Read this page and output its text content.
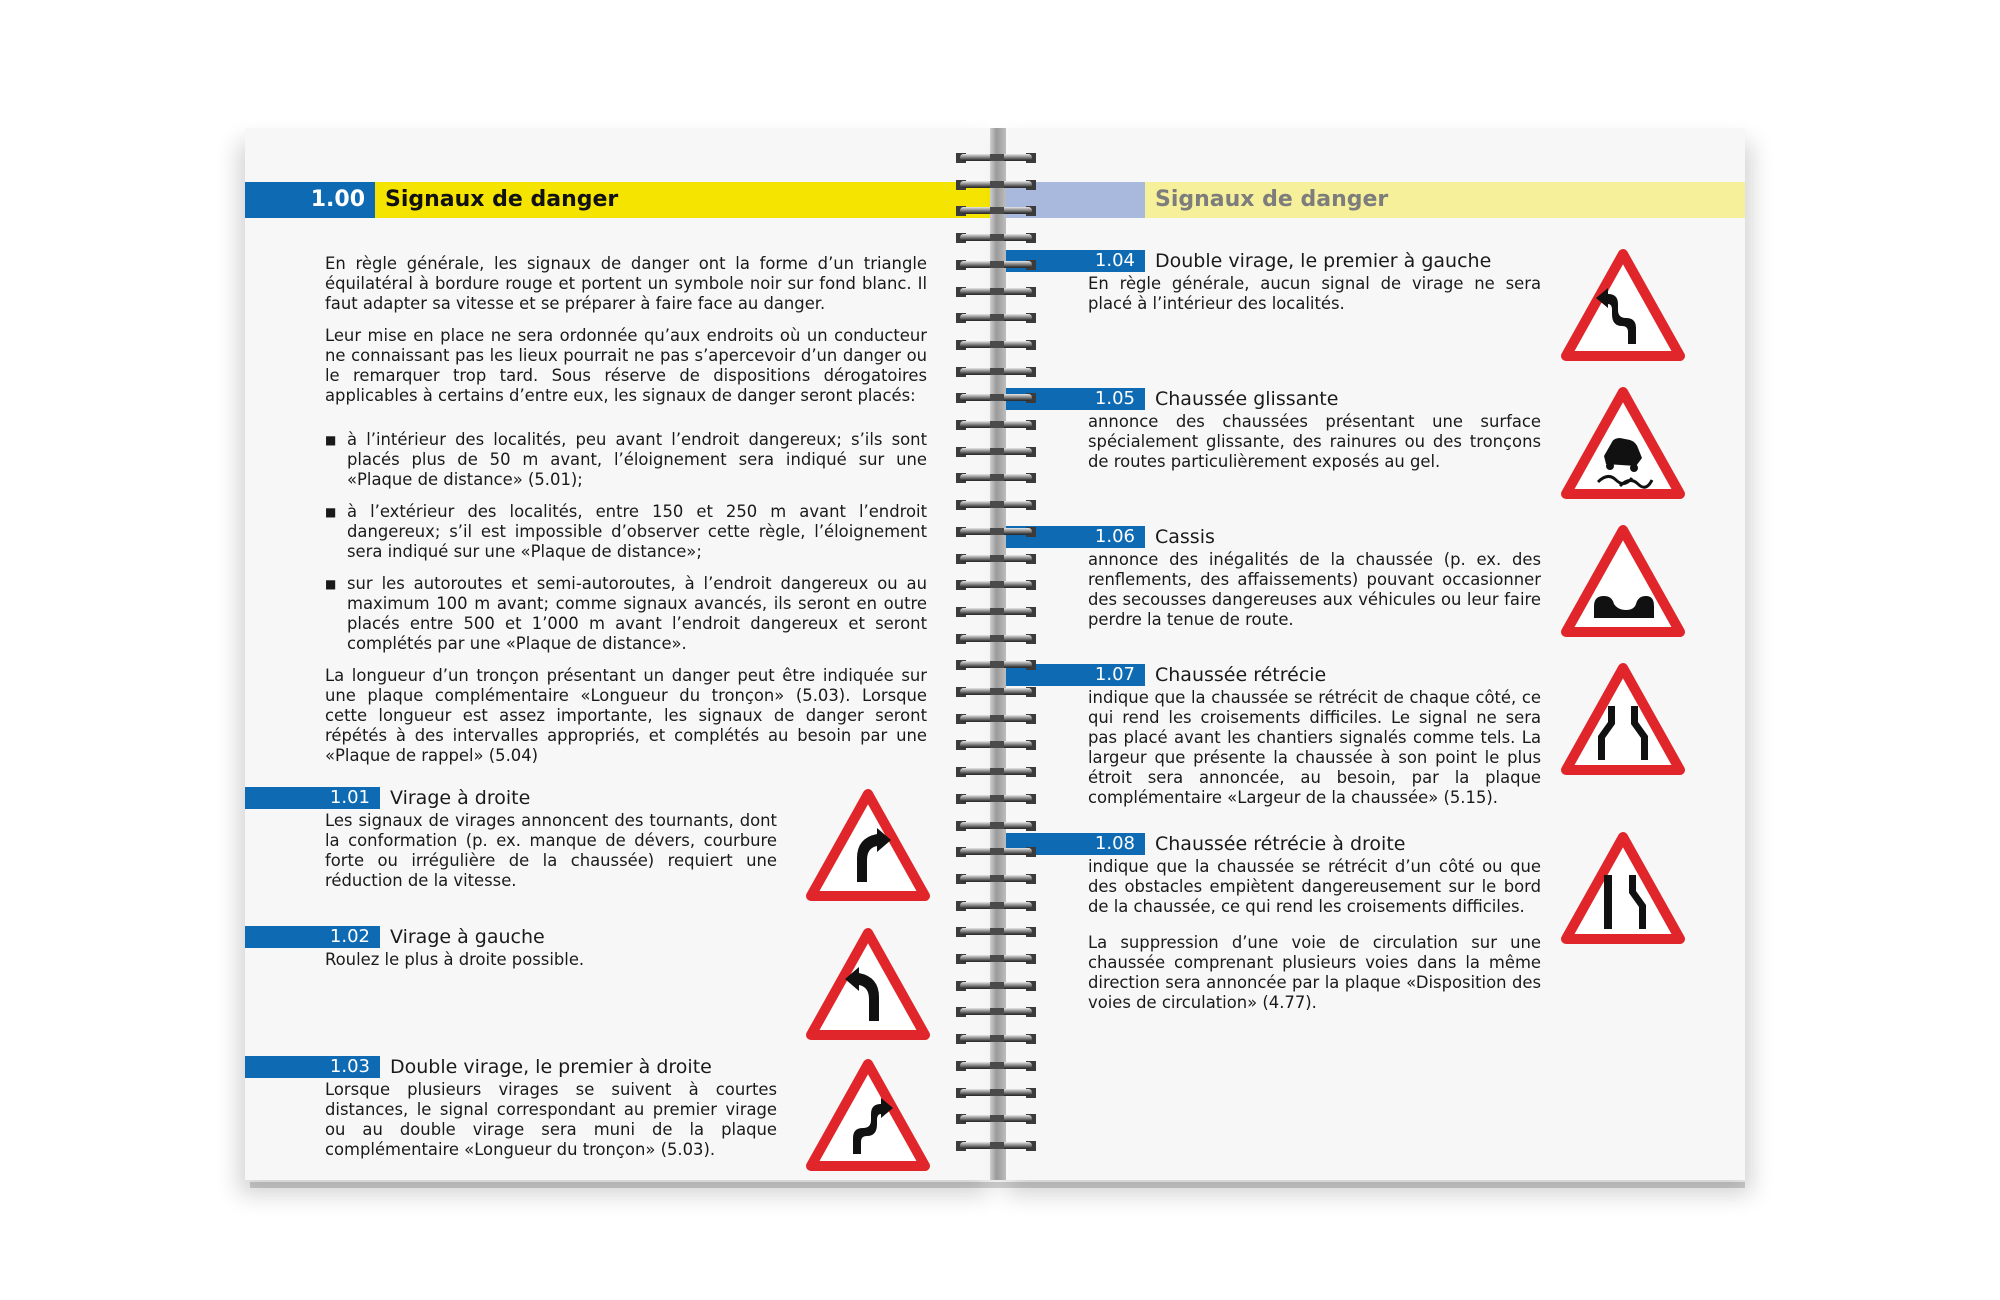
1.00 Signaux de danger

En règle générale, les signaux de danger ont la forme d’un triangle équilatéral à bordure rouge et portent un symbole noir sur fond blanc. Il faut adapter sa vitesse et se préparer à faire face au danger.

Leur mise en place ne sera ordonnée qu’aux endroits où un conducteur ne connaissant pas les lieux pourrait ne pas s’apercevoir d’un danger ou le remarquer trop tard. Sous réserve de dispositions dérogatoires applicables à certains d’entre eux, les signaux de danger seront placés:

■ à l’intérieur des localités, peu avant l’endroit dangereux; s’ils sont placés plus de 50 m avant, l’éloignement sera indiqué sur une «Plaque de distance» (5.01);

■ à l’extérieur des localités, entre 150 et 250 m avant l’endroit dangereux; s’il est impossible d’observer cette règle, l’éloignement sera indiqué sur une «Plaque de distance»;

■ sur les autoroutes et semi-autoroutes, à l’endroit dangereux ou au maximum 100 m avant; comme signaux avancés, ils seront en outre placés entre 500 et 1’000 m avant l’endroit dangereux et seront complétés par une «Plaque de distance».

La longueur d’un tronçon présentant un danger peut être indiquée sur une plaque complémentaire «Longueur du tronçon» (5.03). Lorsque cette longueur est assez importante, les signaux de danger seront répétés à des intervalles appropriés, et complétés au besoin par une «Plaque de rappel» (5.04)

1.01	Virage à droite

Les signaux de virages annoncent des tournants, dont la conformation (p. ex. manque de dévers, courbure forte ou irrégulière de la chaussée) requiert une réduction de la vitesse.

1.02	Virage à gauche

Roulez le plus à droite possible.

1.03	Double virage, le premier à droite

Lorsque plusieurs virages se suivent à courtes distances, le signal correspondant au premier virage ou au double virage sera muni de la plaque complémentaire «Longueur du tronçon» (5.03).

Signaux de danger
1.04	Double virage, le premier à gauche

En règle générale, aucun signal de virage ne sera placé à l’intérieur des localités.

1.05	Chaussée glissante

annonce des chaussées présentant une surface spécialement glissante, des rainures ou des tronçons de routes particulièrement exposés au gel.

1.06	Cassis

annonce des inégalités de la chaussée (p. ex. des renflements, des affaissements) pouvant occasionner des secousses dangereuses aux véhicules ou leur faire perdre la tenue de route.

1.07	Chaussée rétrécie

indique que la chaussée se rétrécit de chaque côté, ce qui rend les croisements difficiles. Le signal ne sera pas placé avant les chantiers signalés comme tels. La largeur que présente la chaussée à son point le plus étroit sera annoncée, au besoin, par la plaque complémentaire «Largeur de la chaussée» (5.15).

1.08	Chaussée rétrécie à droite

indique que la chaussée se rétrécit d’un côté ou que des obstacles empiètent dangereusement sur le bord de la chaussée, ce qui rend les croisements difficiles.

La suppression d’une voie de circulation sur une chaussée comprenant plusieurs voies dans la même direction sera annoncée par la plaque «Disposition des voies de circulation» (4.77).
